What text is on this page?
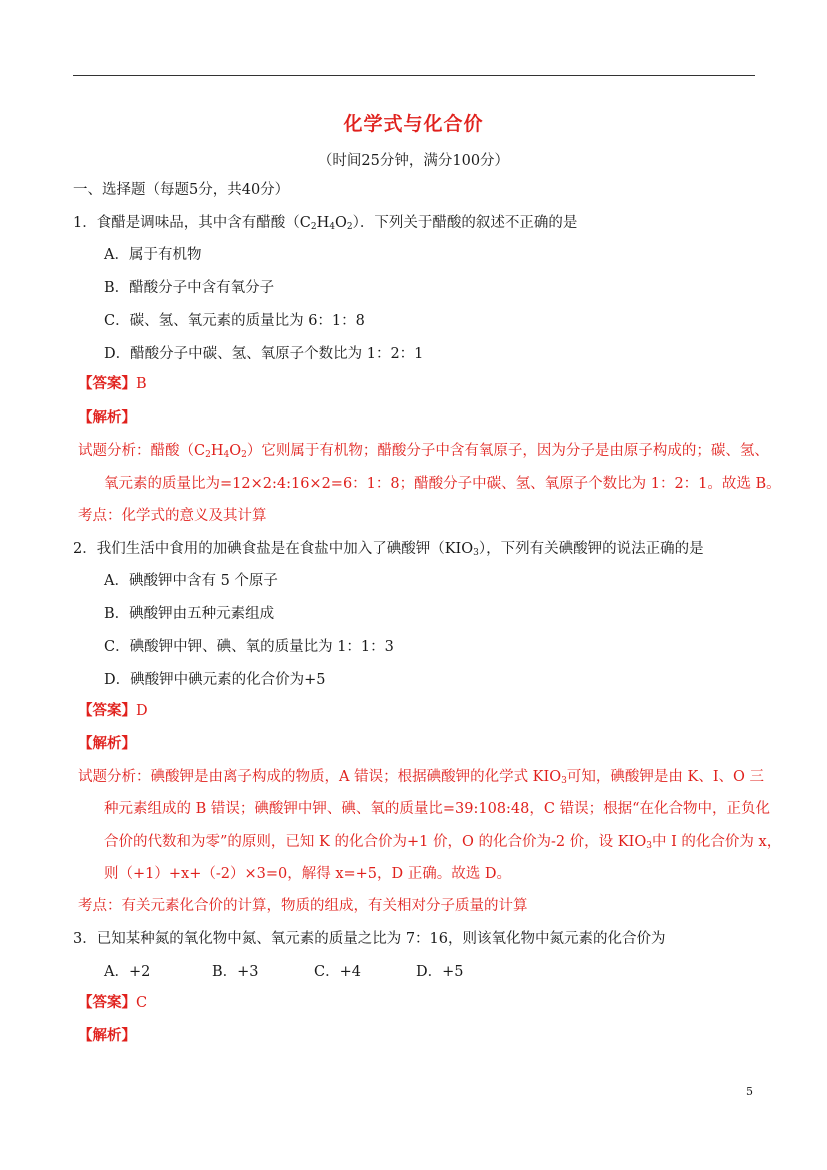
化学式与化合价
（时间25分钟，满分100分）
一、选择题（每题5分，共40分）
1．食醋是调味品，其中含有醋酸$(C_2H_4O_2)$．下列关于醋酸的叙述不正确的是
A．属于有机物
B．醋酸分子中含有氧分子
C．碳、氢、氧元素的质量比为 6：1：8
D．醋酸分子中碳、氢、氧原子个数比为 1：2：1
【答案】B
【解析】
试题分析：醋酸$(C_2H_4O_2)$它则属于有机物；醋酸分子中含有氧原子，因为分子是由原子构成的；碳、氢、
氧元素的质量比为=12×2:4:16×2=6：1：8；醋酸分子中碳、氢、氧原子个数比为 1：2：1。故选 B。
考点：化学式的意义及其计算
2．我们生活中食用的加碘食盐是在食盐中加入了碘酸钾$(KIO_3)$，下列有关碘酸钾的说法正确的是
A．碘酸钾中含有 5 个原子
B．碘酸钾由五种元素组成
C．碘酸钾中钾、碘、氧的质量比为 1：1：3
D．碘酸钾中碘元素的化合价为+5
【答案】D
【解析】
试题分析：碘酸钾是由离子构成的物质，A 错误；根据碘酸钾的化学式 $KIO_3$可知，碘酸钾是由 K、I、O 三
种元素组成的 B 错误；碘酸钾中钾、碘、氧的质量比=39:108:48，C 错误；根据“在化合物中，正负化
合价的代数和为零”的原则，已知 K 的化合价为+1 价，O 的化合价为-2 价，设 $KIO_3$中 I 的化合价为 x，
则（+1）+x+（-2）×3=0，解得 x=+5，D 正确。故选 D。
考点：有关元素化合价的计算，物质的组成，有关相对分子质量的计算
3．已知某种氮的氧化物中氮、氧元素的质量之比为 7：16，则该氧化物中氮元素的化合价为
A．+2	B．+3	C．+4	D．+5
【答案】C
【解析】
5
